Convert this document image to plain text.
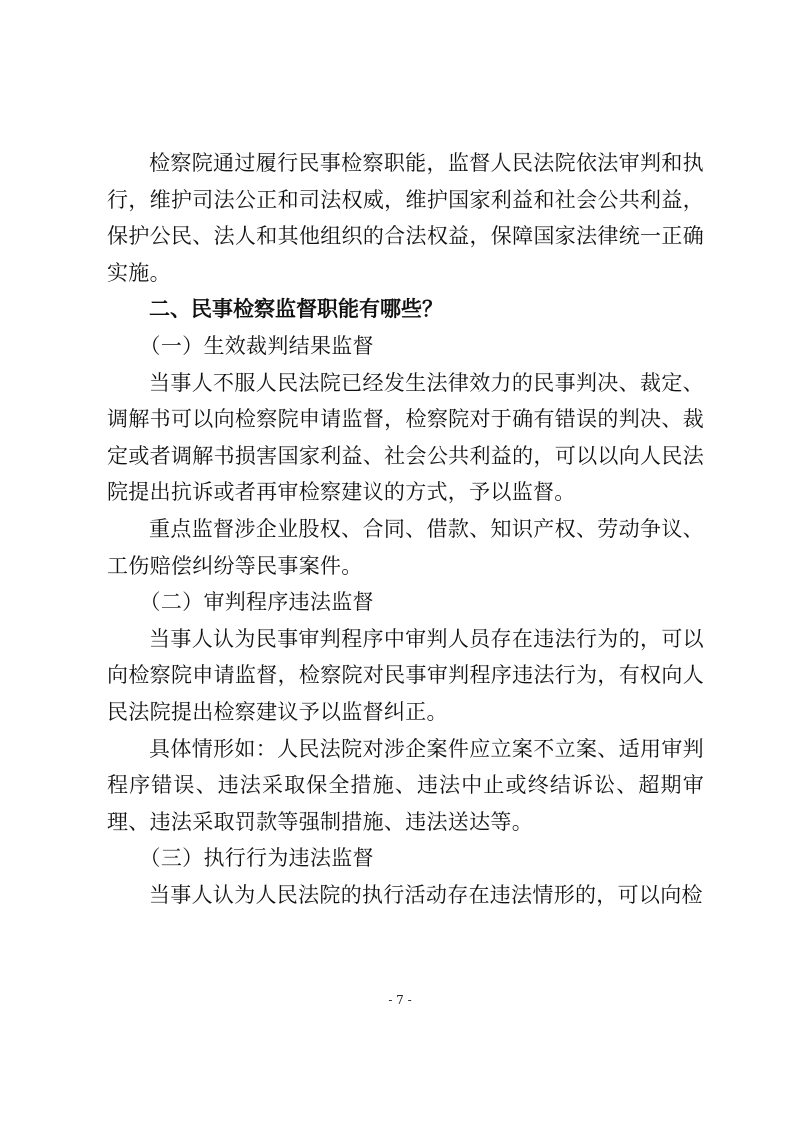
检察院通过履行民事检察职能，监督人民法院依法审判和执行，维护司法公正和司法权威，维护国家利益和社会公共利益，保护公民、法人和其他组织的合法权益，保障国家法律统一正确实施。

二、民事检察监督职能有哪些？

（一）生效裁判结果监督

当事人不服人民法院已经发生法律效力的民事判决、裁定、调解书可以向检察院申请监督，检察院对于确有错误的判决、裁定或者调解书损害国家利益、社会公共利益的，可以以向人民法院提出抗诉或者再审检察建议的方式，予以监督。

重点监督涉企业股权、合同、借款、知识产权、劳动争议、工伤赔偿纠纷等民事案件。

（二）审判程序违法监督

当事人认为民事审判程序中审判人员存在违法行为的，可以向检察院申请监督，检察院对民事审判程序违法行为，有权向人民法院提出检察建议予以监督纠正。

具体情形如：人民法院对涉企案件应立案不立案、适用审判程序错误、违法采取保全措施、违法中止或终结诉讼、超期审理、违法采取罚款等强制措施、违法送达等。

（三）执行行为违法监督

当事人认为人民法院的执行活动存在违法情形的，可以向检

- 7 -
